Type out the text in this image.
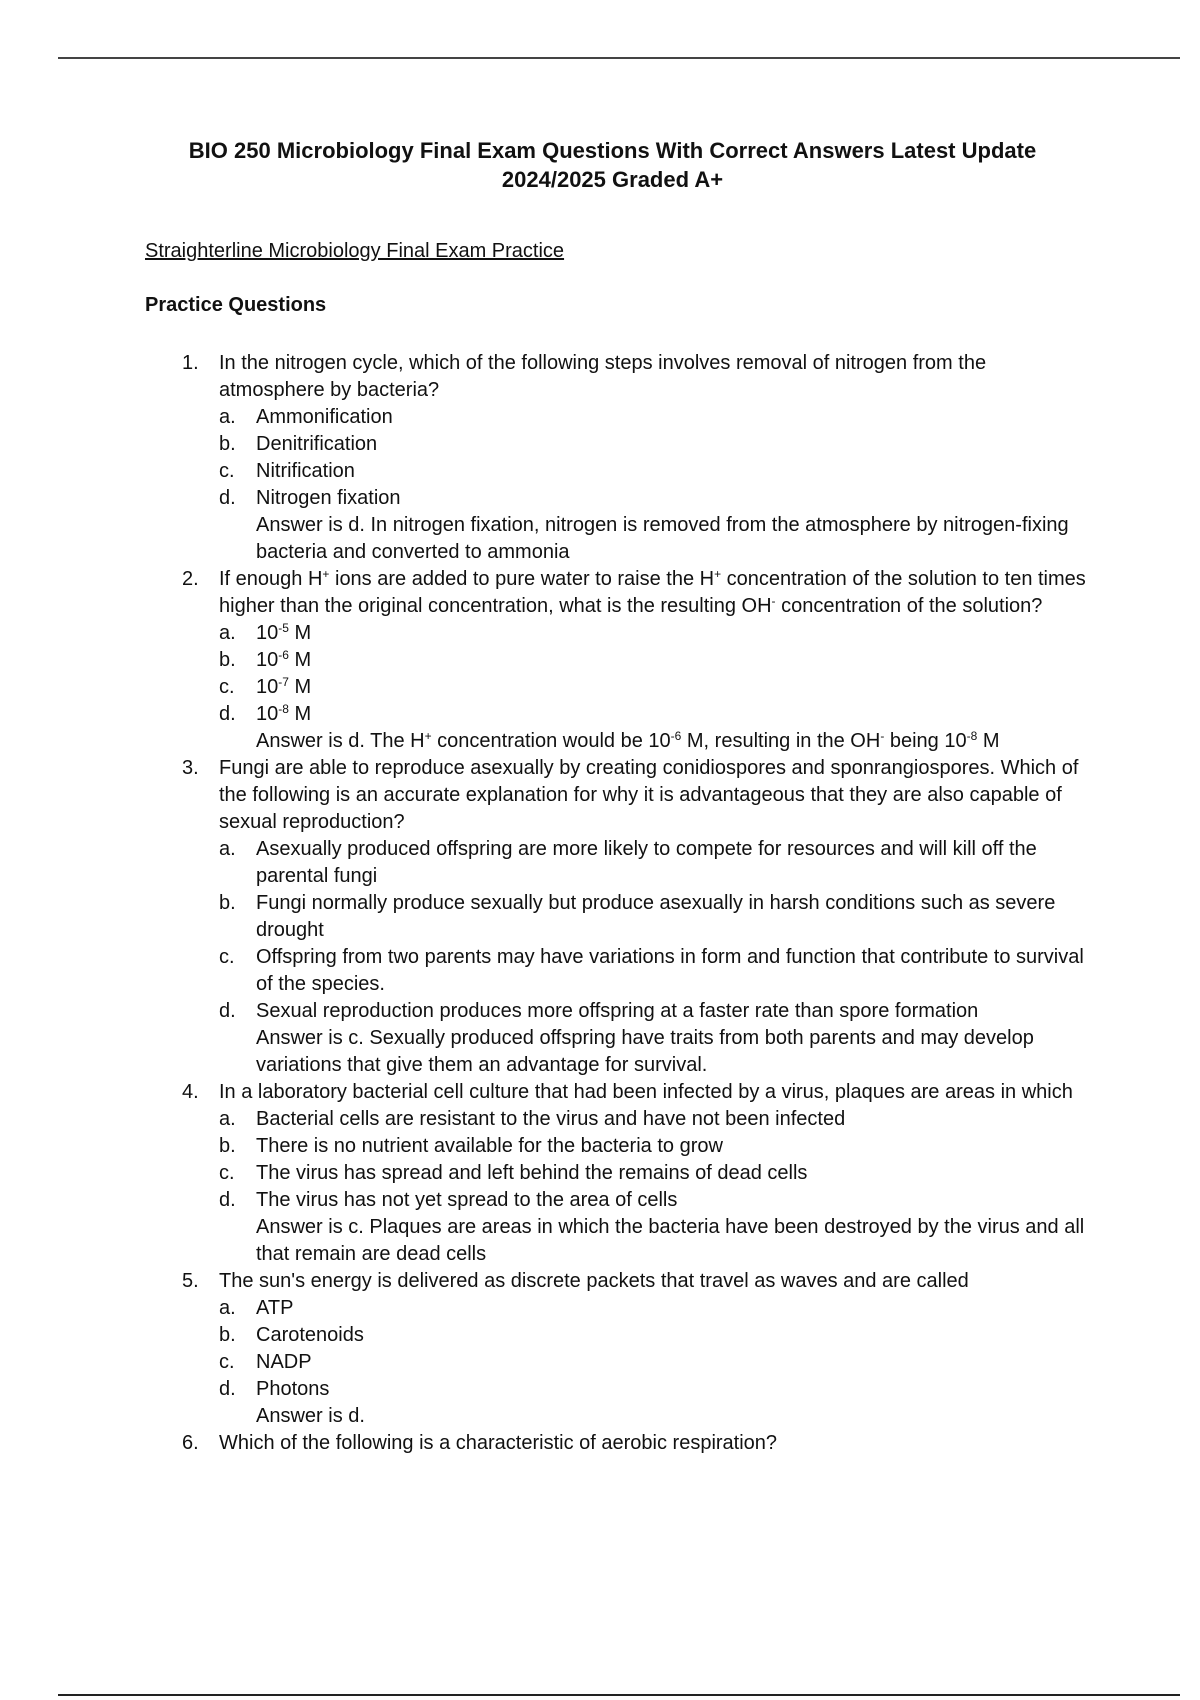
BIO 250 Microbiology Final Exam Questions With Correct Answers Latest Update
2024/2025 Graded A+
Straighterline Microbiology Final Exam Practice
Practice Questions
1.	In the nitrogen cycle, which of the following steps involves removal of nitrogen from the atmosphere by bacteria?
a.	Ammonification
b.	Denitrification
c.	Nitrification
d.	Nitrogen fixation
Answer is d. In nitrogen fixation, nitrogen is removed from the atmosphere by nitrogen-fixing bacteria and converted to ammonia
2.	If enough H+ ions are added to pure water to raise the H+ concentration of the solution to ten times higher than the original concentration, what is the resulting OH- concentration of the solution?
a.	$10^{-5}$ M
b.	$10^{-6}$ M
c.	$10^{-7}$ M
d.	$10^{-8}$ M
Answer is d. The H+ concentration would be $10^{-6}$ M, resulting in the OH- being $10^{-8}$ M
3.	Fungi are able to reproduce asexually by creating conidiospores and sponrangiospores. Which of the following is an accurate explanation for why it is advantageous that they are also capable of sexual reproduction?
a.	Asexually produced offspring are more likely to compete for resources and will kill off the parental fungi
b.	Fungi normally produce sexually but produce asexually in harsh conditions such as severe drought
c.	Offspring from two parents may have variations in form and function that contribute to survival of the species.
d.	Sexual reproduction produces more offspring at a faster rate than spore formation
Answer is c. Sexually produced offspring have traits from both parents and may develop variations that give them an advantage for survival.
4.	In a laboratory bacterial cell culture that had been infected by a virus, plaques are areas in which
a.	Bacterial cells are resistant to the virus and have not been infected
b.	There is no nutrient available for the bacteria to grow
c.	The virus has spread and left behind the remains of dead cells
d.	The virus has not yet spread to the area of cells
Answer is c. Plaques are areas in which the bacteria have been destroyed by the virus and all that remain are dead cells
5.	The sun's energy is delivered as discrete packets that travel as waves and are called
a.	ATP
b.	Carotenoids
c.	NADP
d.	Photons
Answer is d.
6.	Which of the following is a characteristic of aerobic respiration?
